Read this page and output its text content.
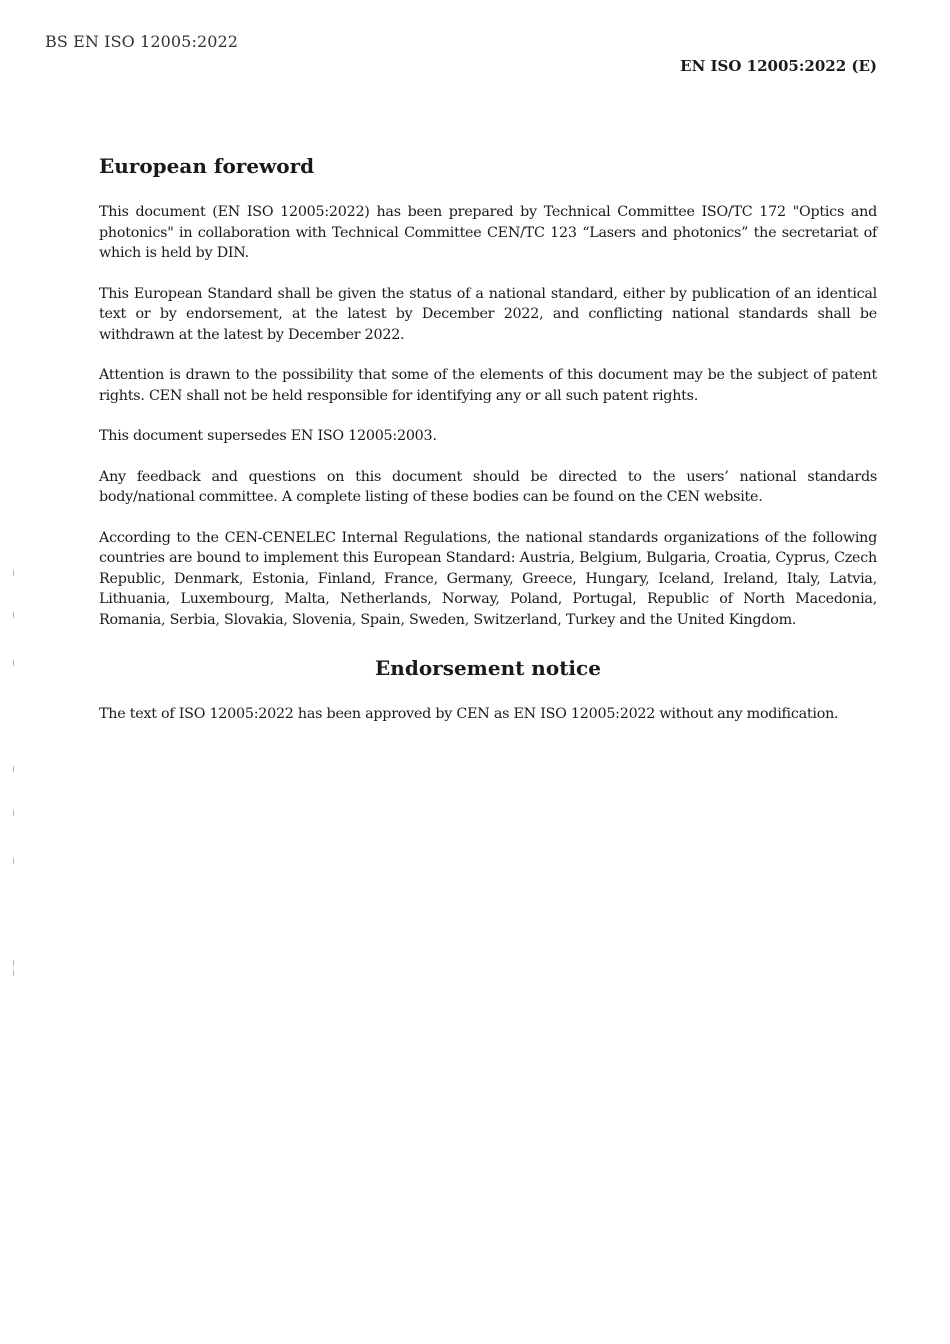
BS EN ISO 12005:2022
EN ISO 12005:2022 (E)
European foreword

This document (EN ISO 12005:2022) has been prepared by Technical Committee ISO/TC 172 "Optics and photonics" in collaboration with Technical Committee CEN/TC 123 “Lasers and photonics” the secretariat of which is held by DIN.

This European Standard shall be given the status of a national standard, either by publication of an identical text or by endorsement, at the latest by December 2022, and conflicting national standards shall be withdrawn at the latest by December 2022.

Attention is drawn to the possibility that some of the elements of this document may be the subject of patent rights. CEN shall not be held responsible for identifying any or all such patent rights.

This document supersedes EN ISO 12005:2003.

Any feedback and questions on this document should be directed to the users’ national standards body/national committee. A complete listing of these bodies can be found on the CEN website.

According to the CEN-CENELEC Internal Regulations, the national standards organizations of the following countries are bound to implement this European Standard: Austria, Belgium, Bulgaria, Croatia, Cyprus, Czech Republic, Denmark, Estonia, Finland, France, Germany, Greece, Hungary, Iceland, Ireland, Italy, Latvia, Lithuania, Luxembourg, Malta, Netherlands, Norway, Poland, Portugal, Republic of North Macedonia, Romania, Serbia, Slovakia, Slovenia, Spain, Sweden, Switzerland, Turkey and the United Kingdom.

Endorsement notice

The text of ISO 12005:2022 has been approved by CEN as EN ISO 12005:2022 without any modification.
